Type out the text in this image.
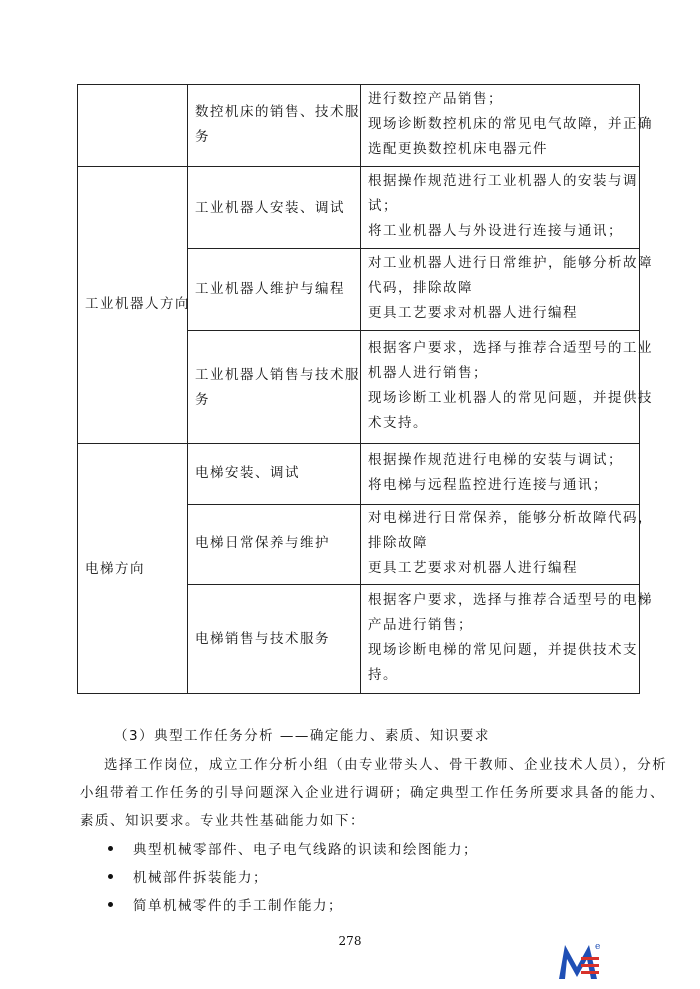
数控机床的销售、技术服
务
进行数控产品销售；
现场诊断数控机床的常见电气故障，并正确
选配更换数控机床电器元件
工业机器人方向
工业机器人安装、调试
根据操作规范进行工业机器人的安装与调
试；
将工业机器人与外设进行连接与通讯；
工业机器人维护与编程
对工业机器人进行日常维护，能够分析故障
代码，排除故障
更具工艺要求对机器人进行编程
工业机器人销售与技术服
务
根据客户要求，选择与推荐合适型号的工业
机器人进行销售；
现场诊断工业机器人的常见问题，并提供技
术支持。
电梯方向
电梯安装、调试
根据操作规范进行电梯的安装与调试；
将电梯与远程监控进行连接与通讯；
电梯日常保养与维护
对电梯进行日常保养，能够分析故障代码，
排除故障
更具工艺要求对机器人进行编程
电梯销售与技术服务
根据客户要求，选择与推荐合适型号的电梯
产品进行销售；
现场诊断电梯的常见问题，并提供技术支
持。
（3）典型工作任务分析 ——确定能力、素质、知识要求
选择工作岗位，成立工作分析小组（由专业带头人、骨干教师、企业技术人员），分析
小组带着工作任务的引导问题深入企业进行调研；确定典型工作任务所要求具备的能力、
素质、知识要求。专业共性基础能力如下：
典型机械零部件、电子电气线路的识读和绘图能力；
机械部件拆装能力；
简单机械零件的手工制作能力；
278	e
